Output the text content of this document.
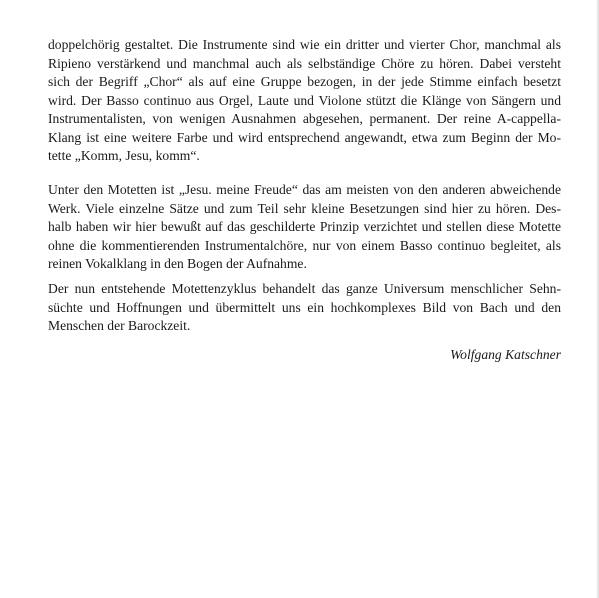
doppelchörig gestaltet. Die Instrumente sind wie ein dritter und vierter Chor, manchmal als
Ripieno verstärkend und manchmal auch als selbständige Chöre zu hören. Dabei versteht
sich der Begriff „Chor“ als auf eine Gruppe bezogen, in der jede Stimme einfach besetzt
wird. Der Basso continuo aus Orgel, Laute und Violone stützt die Klänge von Sängern und
Instrumentalisten, von wenigen Ausnahmen abgesehen, permanent. Der reine A-cappella-
Klang ist eine weitere Farbe und wird entsprechend angewandt, etwa zum Beginn der Mo-
tette „Komm, Jesu, komm“.
Unter den Motetten ist „Jesu. meine Freude“ das am meisten von den anderen abweichende
Werk. Viele einzelne Sätze und zum Teil sehr kleine Besetzungen sind hier zu hören. Des-
halb haben wir hier bewußt auf das geschilderte Prinzip verzichtet und stellen diese Motette
ohne die kommentierenden Instrumentalchöre, nur von einem Basso continuo begleitet, als
reinen Vokalklang in den Bogen der Aufnahme.
Der nun entstehende Motettenzyklus behandelt das ganze Universum menschlicher Sehn-
süchte und Hoffnungen und übermittelt uns ein hochkomplexes Bild von Bach und den
Menschen der Barockzeit.
Wolfgang Katschner
